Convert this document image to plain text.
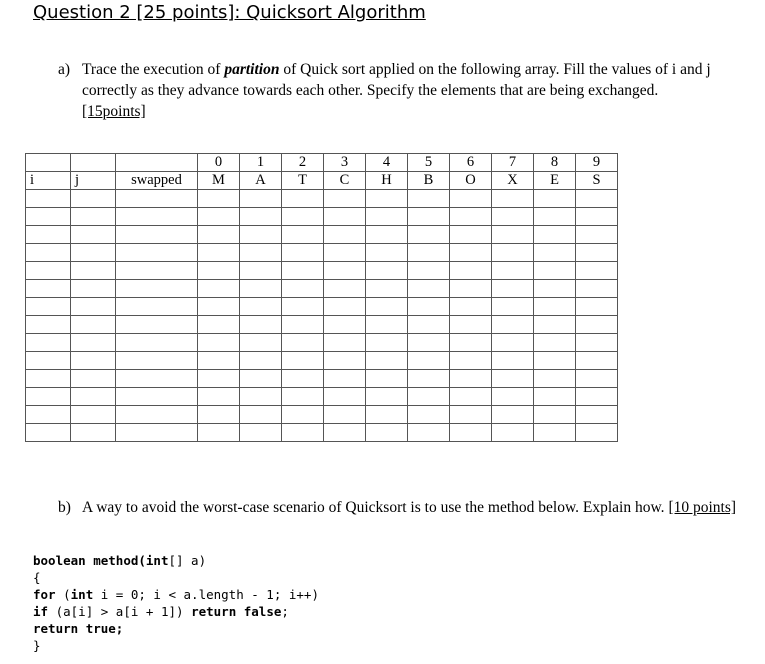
Question 2 [25 points]: Quicksort Algorithm
a) Trace the execution of partition of Quick sort applied on the following array. Fill the values of i and j correctly as they advance towards each other. Specify the elements that are being exchanged.
[15points]
			0	1	2	3	4	5	6	7	8	9
i	j	swapped	M	A	T	C	H	B	O	X	E	S

b) A way to avoid the worst-case scenario of Quicksort is to use the method below. Explain how. [10 points]
boolean method(int[] a)
{
for (int i = 0; i < a.length - 1; i++)
if (a[i] > a[i + 1]) return false;
return true;
}
